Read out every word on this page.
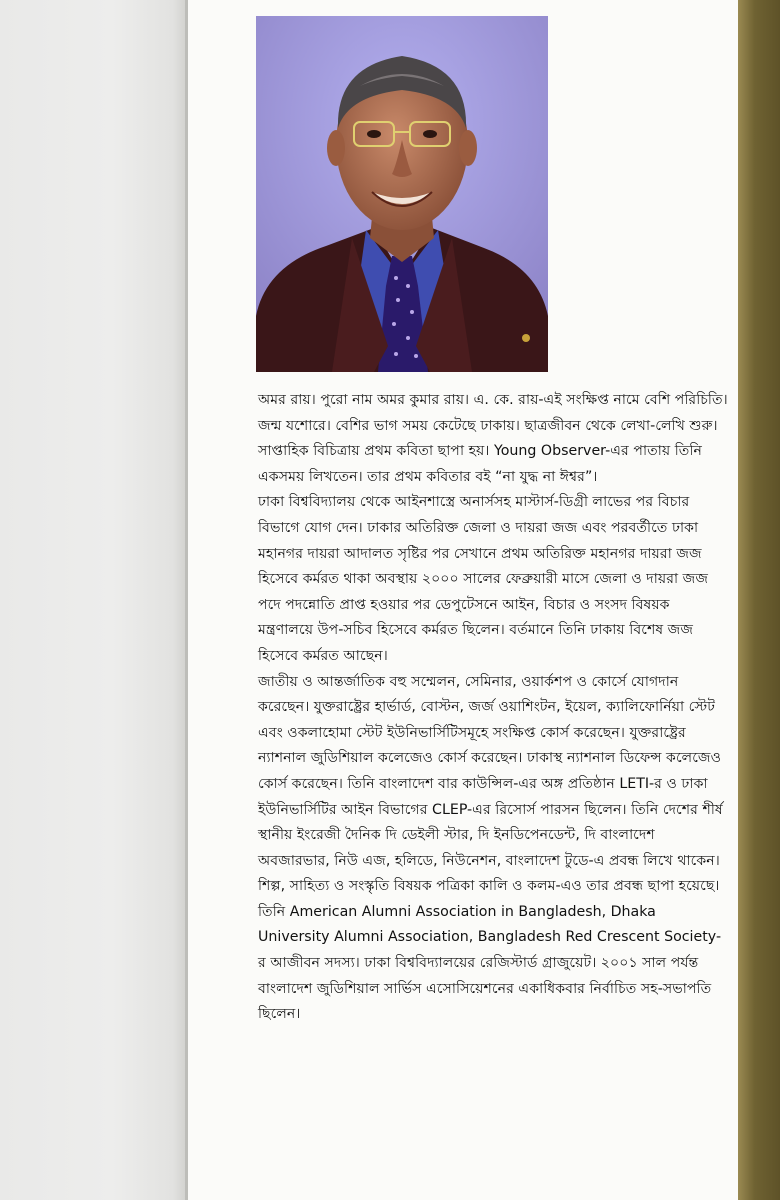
অমর রায়। পুরো নাম অমর কুমার রায়। এ. কে. রায়-এই সংক্ষিপ্ত নামে বেশি পরিচিতি। জন্ম যশোরে। বেশির ভাগ সময় কেটেছে ঢাকায়। ছাত্রজীবন থেকে লেখা-লেখি শুরু। সাপ্তাহিক বিচিত্রায় প্রথম কবিতা ছাপা হয়। Young Observer-এর পাতায় তিনি একসময় লিখতেন। তার প্রথম কবিতার বই “না যুদ্ধ না ঈশ্বর”।

ঢাকা বিশ্ববিদ্যালয় থেকে আইনশাস্ত্রে অনার্সসহ মাস্টার্স-ডিগ্রী লাভের পর বিচার বিভাগে যোগ দেন। ঢাকার অতিরিক্ত জেলা ও দায়রা জজ এবং পরবর্তীতে ঢাকা মহানগর দায়রা আদালত সৃষ্টির পর সেখানে প্রথম অতিরিক্ত মহানগর দায়রা জজ হিসেবে কর্মরত থাকা অবস্থায় ২০০০ সালের ফেব্রুয়ারী মাসে জেলা ও দায়রা জজ পদে পদন্নোতি প্রাপ্ত হওয়ার পর ডেপুটেসনে আইন, বিচার ও সংসদ বিষয়ক মন্ত্রণালয়ে উপ-সচিব হিসেবে কর্মরত ছিলেন। বর্তমানে তিনি ঢাকায় বিশেষ জজ হিসেবে কর্মরত আছেন।

জাতীয় ও আন্তর্জাতিক বহু সম্মেলন, সেমিনার, ওয়ার্কশপ ও কোর্সে যোগদান করেছেন। যুক্তরাষ্ট্রের হার্ভার্ড, বোস্টন, জর্জ ওয়াশিংটন, ইয়েল, ক্যালিফোর্নিয়া স্টেট এবং ওকলাহোমা স্টেট ইউনিভার্সিটিসমূহে সংক্ষিপ্ত কোর্স করেছেন। যুক্তরাষ্ট্রের ন্যাশনাল জুডিশিয়াল কলেজেও কোর্স করেছেন। ঢাকাস্থ ন্যাশনাল ডিফেন্স কলেজেও কোর্স করেছেন। তিনি বাংলাদেশ বার কাউন্সিল-এর অঙ্গ প্রতিষ্ঠান LETI-র ও ঢাকা ইউনিভার্সিটির আইন বিভাগের CLEP-এর রিসোর্স পারসন ছিলেন। তিনি দেশের শীর্ষ স্থানীয় ইংরেজী দৈনিক দি ডেইলী স্টার, দি ইনডিপেনডেন্ট, দি বাংলাদেশ অবজারভার, নিউ এজ, হলিডে, নিউনেশন, বাংলাদেশ টুডে-এ প্রবন্ধ লিখে থাকেন। শিল্প, সাহিত্য ও সংস্কৃতি বিষয়ক পত্রিকা কালি ও কলম-এও তার প্রবন্ধ ছাপা হয়েছে। তিনি American Alumni Association in Bangladesh, Dhaka University Alumni Association, Bangladesh Red Crescent Society-র আজীবন সদস্য। ঢাকা বিশ্ববিদ্যালয়ের রেজিস্টার্ড গ্রাজুয়েট। ২০০১ সাল পর্যন্ত বাংলাদেশ জুডিশিয়াল সার্ভিস এসোসিয়েশনের একাধিকবার নির্বাচিত সহ-সভাপতি ছিলেন।
